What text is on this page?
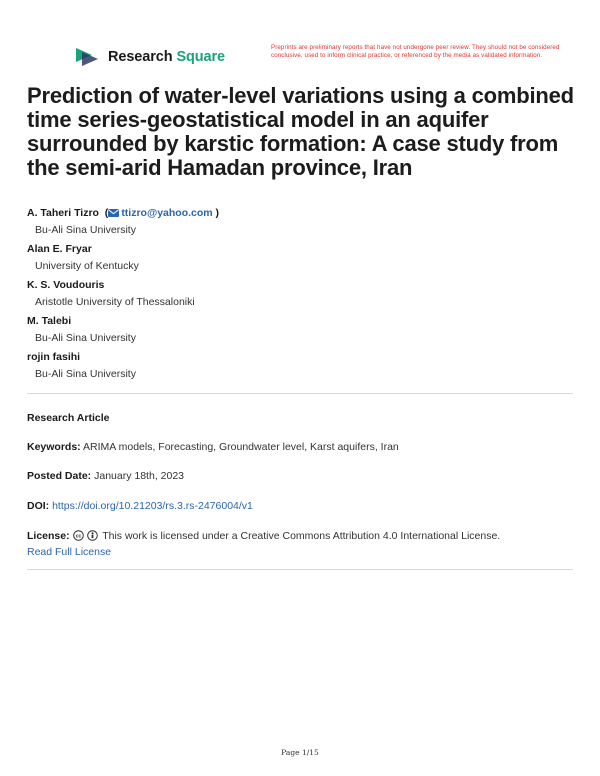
Research Square
Preprints are preliminary reports that have not undergone peer review. They should not be considered conclusive, used to inform clinical practice, or referenced by the media as validated information.
Prediction of water-level variations using a combined time series-geostatistical model in an aquifer surrounded by karstic formation: A case study from the semi-arid Hamadan province, Iran
A. Taheri Tizro  ( ttizro@yahoo.com )
Bu-Ali Sina University
Alan E. Fryar
University of Kentucky
K. S. Voudouris
Aristotle University of Thessaloniki
M. Talebi
Bu-Ali Sina University
rojin fasihi
Bu-Ali Sina University
Research Article
Keywords: ARIMA models, Forecasting, Groundwater level, Karst aquifers, Iran
Posted Date: January 18th, 2023
DOI: https://doi.org/10.21203/rs.3.rs-2476004/v1
License: cc This work is licensed under a Creative Commons Attribution 4.0 International License.
Read Full License
Page 1/15
